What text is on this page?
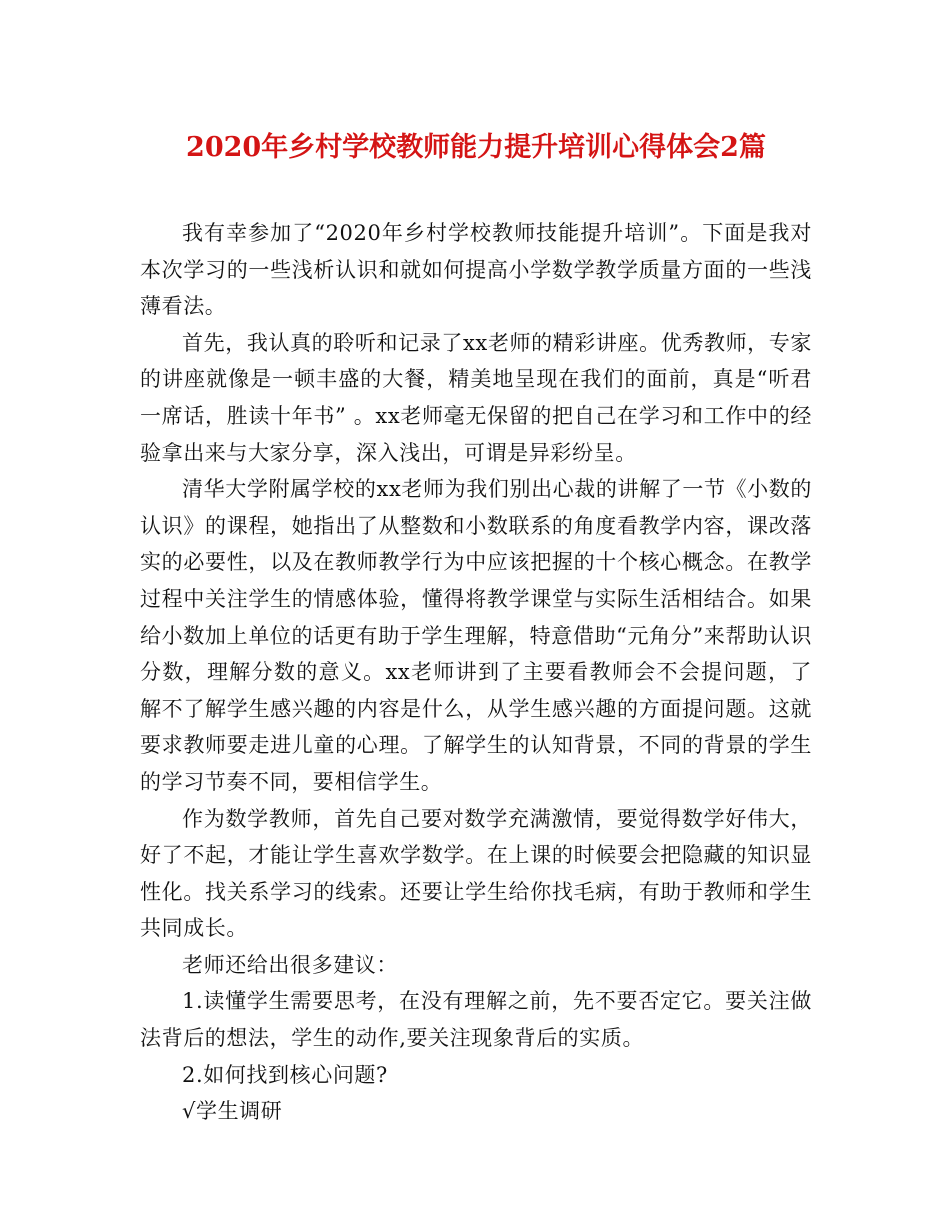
2020年乡村学校教师能力提升培训心得体会2篇

我有幸参加了“2020年乡村学校教师技能提升培训”。下面是我对本次学习的一些浅析认识和就如何提高小学数学教学质量方面的一些浅薄看法。

首先，我认真的聆听和记录了xx老师的精彩讲座。优秀教师，专家的讲座就像是一顿丰盛的大餐，精美地呈现在我们的面前，真是“听君一席话，胜读十年书” 。xx老师毫无保留的把自己在学习和工作中的经验拿出来与大家分享，深入浅出，可谓是异彩纷呈。

清华大学附属学校的xx老师为我们别出心裁的讲解了一节《小数的认识》的课程，她指出了从整数和小数联系的角度看教学内容，课改落实的必要性，以及在教师教学行为中应该把握的十个核心概念。在教学过程中关注学生的情感体验，懂得将教学课堂与实际生活相结合。如果给小数加上单位的话更有助于学生理解，特意借助“元角分”来帮助认识分数，理解分数的意义。xx老师讲到了主要看教师会不会提问题，了解不了解学生感兴趣的内容是什么，从学生感兴趣的方面提问题。这就要求教师要走进儿童的心理。了解学生的认知背景，不同的背景的学生的学习节奏不同，要相信学生。

作为数学教师，首先自己要对数学充满激情，要觉得数学好伟大，好了不起，才能让学生喜欢学数学。在上课的时候要会把隐藏的知识显性化。找关系学习的线索。还要让学生给你找毛病，有助于教师和学生共同成长。

老师还给出很多建议：

1.读懂学生需要思考，在没有理解之前，先不要否定它。要关注做法背后的想法，学生的动作,要关注现象背后的实质。

2.如何找到核心问题?

√学生调研
